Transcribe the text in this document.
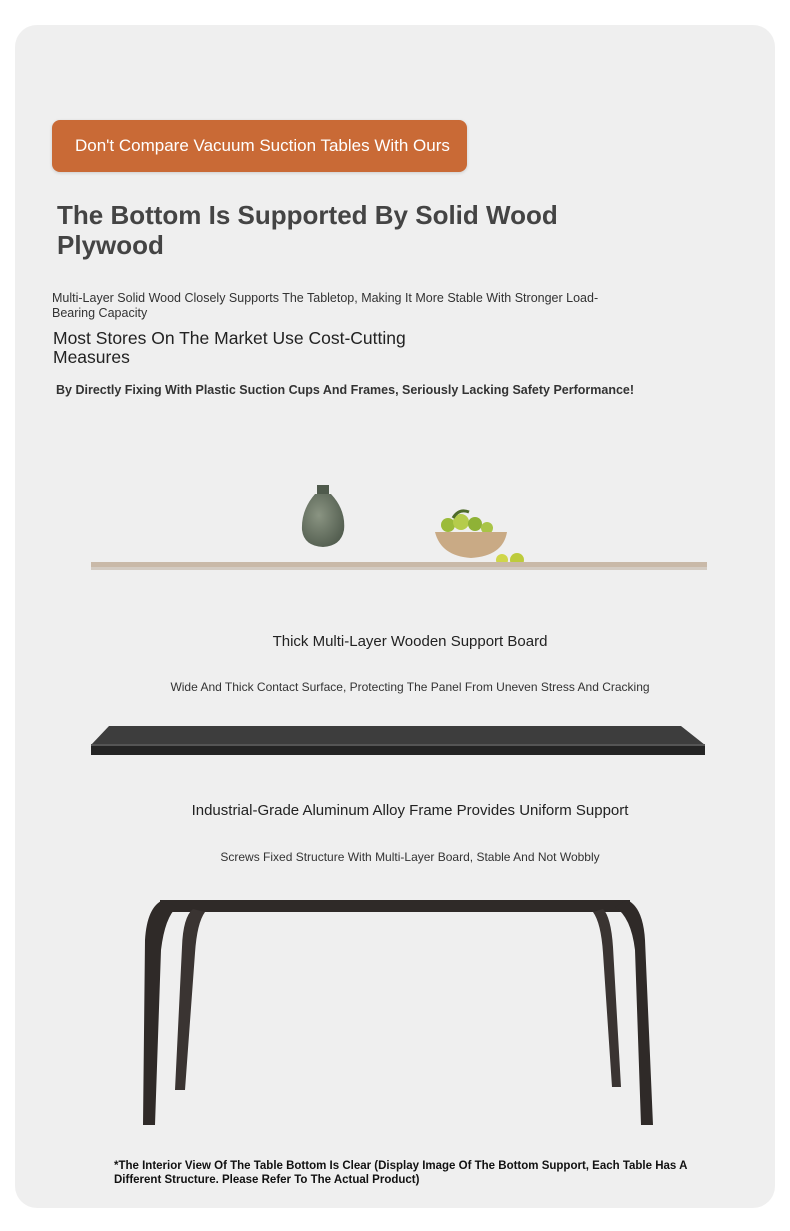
Don't Compare Vacuum Suction Tables With Ours
The Bottom Is Supported By Solid Wood Plywood
Multi-Layer Solid Wood Closely Supports The Tabletop, Making It More Stable With Stronger Load-Bearing Capacity
Most Stores On The Market Use Cost-Cutting Measures
By Directly Fixing With Plastic Suction Cups And Frames, Seriously Lacking Safety Performance!
Thick Multi-Layer Wooden Support Board
Wide And Thick Contact Surface, Protecting The Panel From Uneven Stress And Cracking
Industrial-Grade Aluminum Alloy Frame Provides Uniform Support
Screws Fixed Structure With Multi-Layer Board, Stable And Not Wobbly
*The Interior View Of The Table Bottom Is Clear (Display Image Of The Bottom Support, Each Table Has A Different Structure. Please Refer To The Actual Product)
